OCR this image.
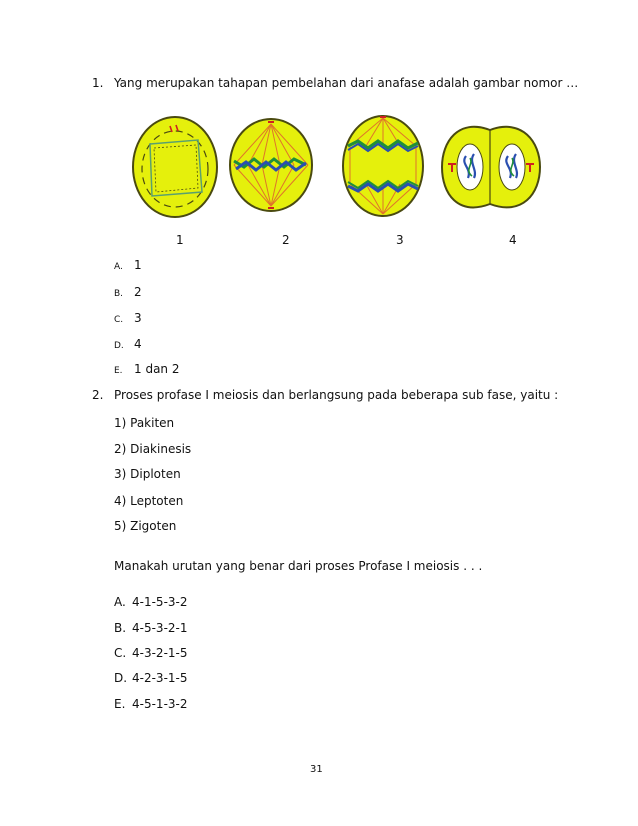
1. Yang merupakan tahapan pembelahan dari anafase adalah gambar nomor …
1	2	3	4
A. 1
B. 2
C. 3
D. 4
E. 1 dan 2
2. Proses profase I meiosis dan berlangsung pada beberapa sub fase, yaitu :
1) Pakiten
2) Diakinesis
3) Diploten
4) Leptoten
5) Zigoten
Manakah urutan yang benar dari proses Profase I meiosis . . .
A. 4-1-5-3-2
B. 4-5-3-2-1
C. 4-3-2-1-5
D. 4-2-3-1-5
E. 4-5-1-3-2
31
